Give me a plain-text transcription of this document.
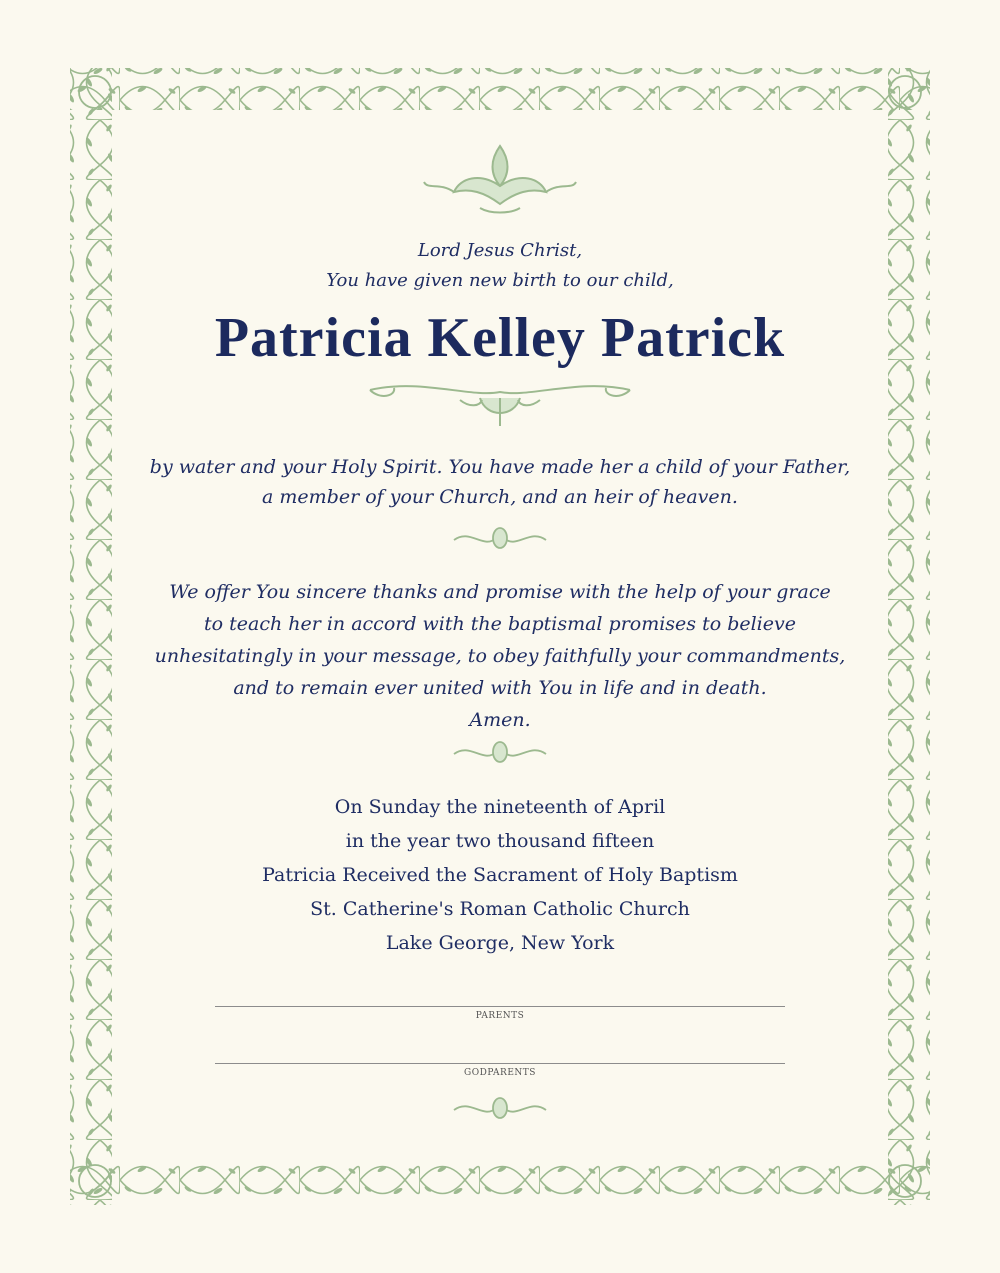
Lord Jesus Christ,
You have given new birth to our child,
Patricia Kelley Patrick
by water and your Holy Spirit. You have made her a child of your Father,
a member of your Church, and an heir of heaven.
We offer You sincere thanks and promise with the help of your grace
to teach her in accord with the baptismal promises to believe
unhesitatingly in your message, to obey faithfully your commandments,
and to remain ever united with You in life and in death.
Amen.
On Sunday the nineteenth of April
in the year two thousand fifteen
Patricia Received the Sacrament of Holy Baptism
St. Catherine's Roman Catholic Church
Lake George, New York
PARENTS
GODPARENTS
